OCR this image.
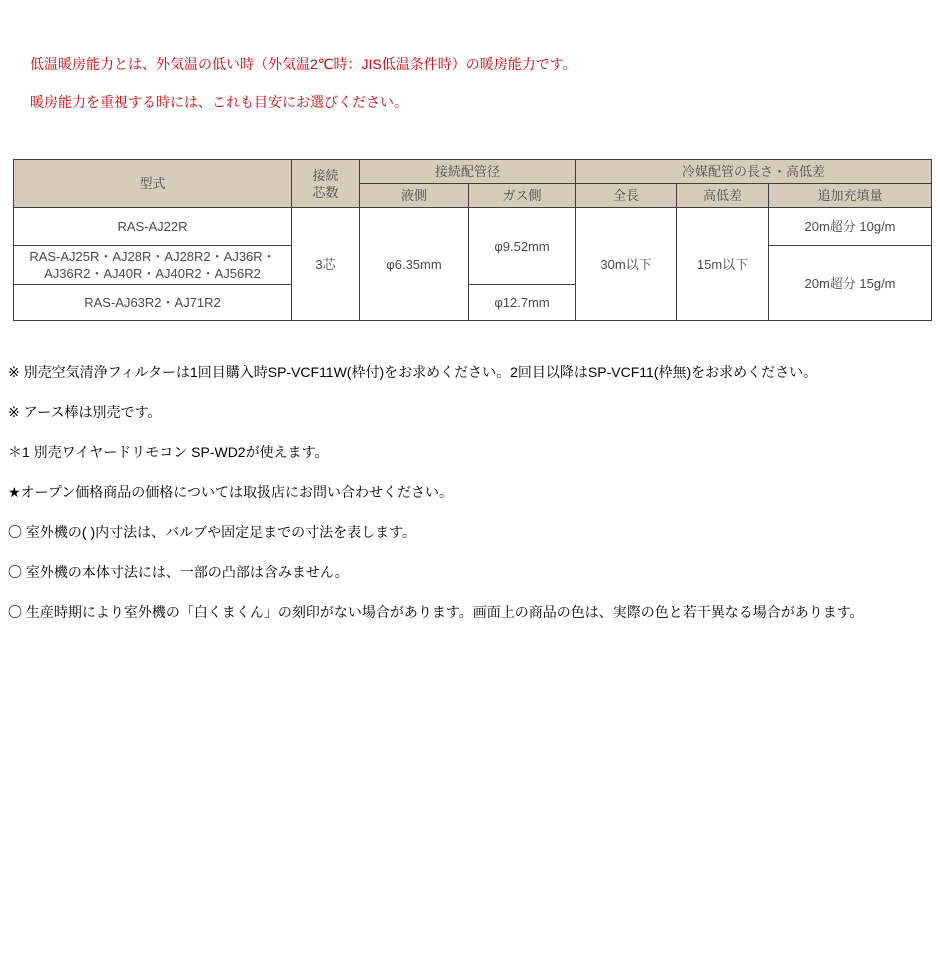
低温暖房能力とは、外気温の低い時（外気温2℃時：JIS低温条件時）の暖房能力です。

暖房能力を重視する時には、これも目安にお選びください。

型式	接続芯数	接続配管径		冷媒配管の長さ・高低差		
		液側	ガス側	全長	高低差	追加充填量
RAS-AJ22R	3芯	φ6.35mm	φ9.52mm	30m以下	15m以下	20m超分 10g/m
RAS-AJ25R・AJ28R・AJ28R2・AJ36R・AJ36R2・AJ40R・AJ40R2・AJ56R2						20m超分 15g/m
RAS-AJ63R2・AJ71R2			φ12.7mm			

※ 別売空気清浄フィルターは1回目購入時SP-VCF11W(枠付)をお求めください。2回目以降はSP-VCF11(枠無)をお求めください。

※ アース棒は別売です。

＊1 別売ワイヤードリモコン SP-WD2が使えます。

★オープン価格商品の価格については取扱店にお問い合わせください。

〇 室外機の( )内寸法は、バルブや固定足までの寸法を表します。

〇 室外機の本体寸法には、一部の凸部は含みません。

〇 生産時期により室外機の「白くまくん」の刻印がない場合があります。画面上の商品の色は、実際の色と若干異なる場合があります。
